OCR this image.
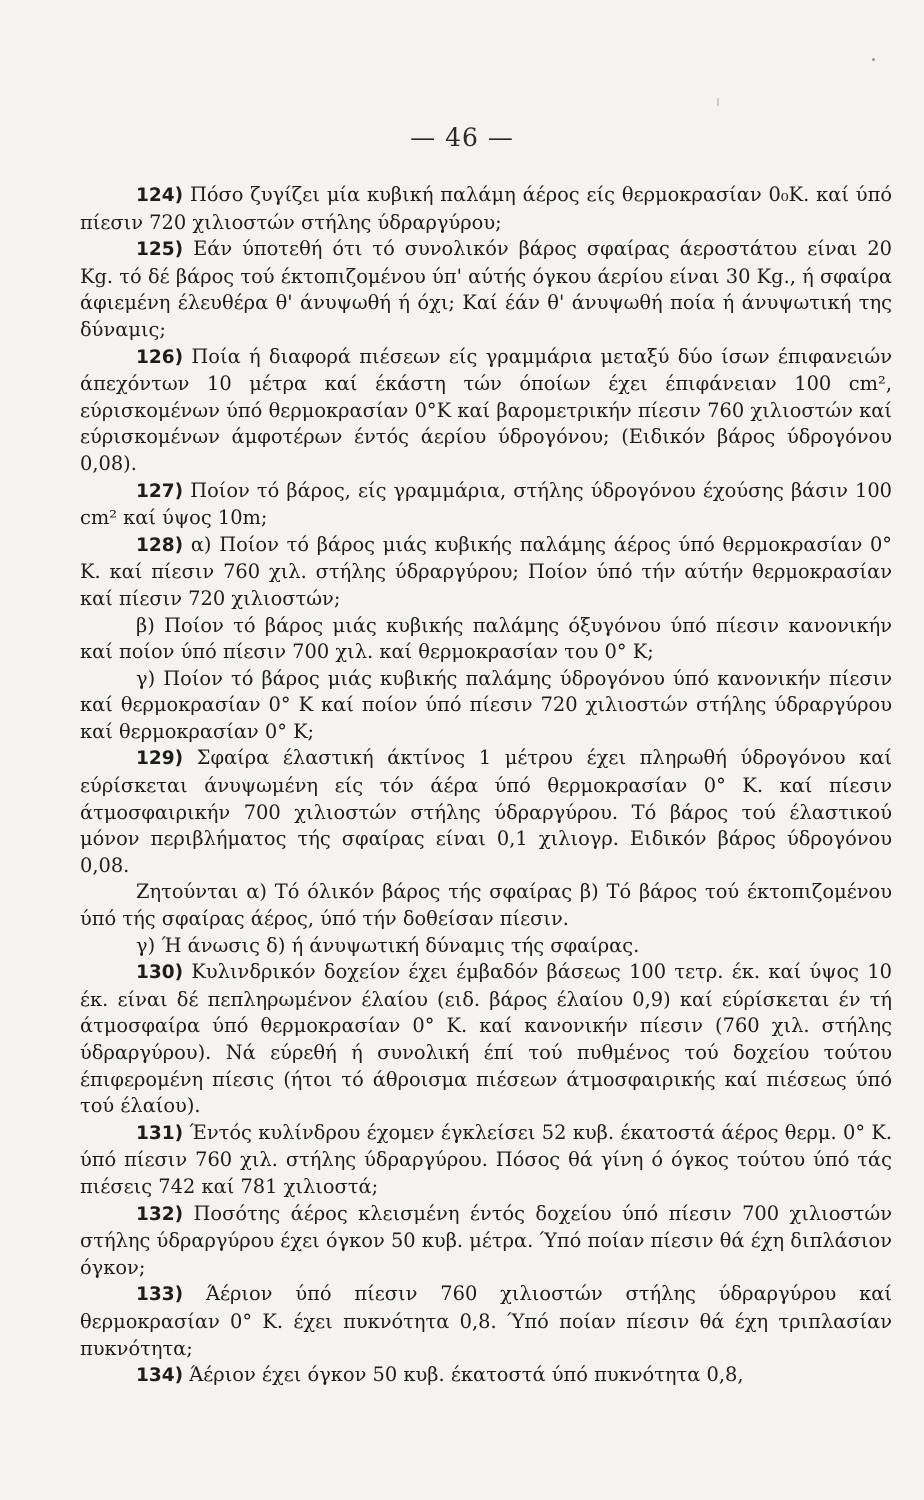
— 46 —

124) Πόσο ζυγίζει μία κυβική παλάμη άέρος είς θερμοκρασίαν 0₀K. καί ύπό πίεσιν 720 χιλιοστών στήλης ύδραργύρου;

125) Εάν ύποτεθή ότι τό συνολικόν βάρος σφαίρας άεροστάτου είναι 20 Kg. τό δέ βάρος τού έκτοπιζομένου ύπ' αύτής όγκου άερίου είναι 30 Kg., ή σφαίρα άφιεμένη έλευθέρα θ' άνυψωθή ή όχι; Καί έάν θ' άνυψωθή ποία ή άνυψωτική της δύναμις;

126) Ποία ή διαφορά πιέσεων είς γραμμάρια μεταξύ δύο ίσων έπιφανειών άπεχόντων 10 μέτρα καί έκάστη τών όποίων έχει έπιφάνειαν 100 cm², εύρισκομένων ύπό θερμοκρασίαν 0°K καί βαρομετρικήν πίεσιν 760 χιλιοστών καί εύρισκομένων άμφοτέρων έντός άερίου ύδρογόνου; (Ειδικόν βάρος ύδρογόνου 0,08).

127) Ποίον τό βάρος, είς γραμμάρια, στήλης ύδρογόνου έχούσης βάσιν 100 cm² καί ύψος 10m;

128) α) Ποίον τό βάρος μιάς κυβικής παλάμης άέρος ύπό θερμοκρασίαν 0° K. καί πίεσιν 760 χιλ. στήλης ύδραργύρου; Ποίον ύπό τήν αύτήν θερμοκρασίαν καί πίεσιν 720 χιλιοστών;

β) Ποίον τό βάρος μιάς κυβικής παλάμης όξυγόνου ύπό πίεσιν κανονικήν καί ποίον ύπό πίεσιν 700 χιλ. καί θερμοκρασίαν του 0° K;

γ) Ποίον τό βάρος μιάς κυβικής παλάμης ύδρογόνου ύπό κανονικήν πίεσιν καί θερμοκρασίαν 0° K καί ποίον ύπό πίεσιν 720 χιλιοστών στήλης ύδραργύρου καί θερμοκρασίαν 0° K;

129) Σφαίρα έλαστική άκτίνος 1 μέτρου έχει πληρωθή ύδρογόνου καί εύρίσκεται άνυψωμένη είς τόν άέρα ύπό θερμοκρασίαν 0° K. καί πίεσιν άτμοσφαιρικήν 700 χιλιοστών στήλης ύδραργύρου. Τό βάρος τού έλαστικού μόνον περιβλήματος τής σφαίρας είναι 0,1 χιλιογρ. Ειδικόν βάρος ύδρογόνου 0,08.

Ζητούνται α) Τό όλικόν βάρος τής σφαίρας β) Τό βάρος τού έκτοπιζομένου ύπό τής σφαίρας άέρος, ύπό τήν δοθείσαν πίεσιν.

γ) Ή άνωσις δ) ή άνυψωτική δύναμις τής σφαίρας.

130) Κυλινδρικόν δοχείον έχει έμβαδόν βάσεως 100 τετρ. έκ. καί ύψος 10 έκ. είναι δέ πεπληρωμένον έλαίου (ειδ. βάρος έλαίου 0,9) καί εύρίσκεται έν τή άτμοσφαίρα ύπό θερμοκρασίαν 0° K. καί κανονικήν πίεσιν (760 χιλ. στήλης ύδραργύρου). Νά εύρεθή ή συνολική έπί τού πυθμένος τού δοχείου τούτου έπιφερομένη πίεσις (ήτοι τό άθροισμα πιέσεων άτμοσφαιρικής καί πιέσεως ύπό τού έλαίου).

131) Έντός κυλίνδρου έχομεν έγκλείσει 52 κυβ. έκατοστά άέρος θερμ. 0° K. ύπό πίεσιν 760 χιλ. στήλης ύδραργύρου. Πόσος θά γίνη ό όγκος τούτου ύπό τάς πιέσεις 742 καί 781 χιλιοστά;

132) Ποσότης άέρος κλεισμένη έντός δοχείου ύπό πίεσιν 700 χιλιοστών στήλης ύδραργύρου έχει όγκον 50 κυβ. μέτρα. Ύπό ποίαν πίεσιν θά έχη διπλάσιον όγκον;

133) Άέριον ύπό πίεσιν 760 χιλιοστών στήλης ύδραργύρου καί θερμοκρασίαν 0° K. έχει πυκνότητα 0,8. Ύπό ποίαν πίεσιν θά έχη τριπλασίαν πυκνότητα;

134) Άέριον έχει όγκον 50 κυβ. έκατοστά ύπό πυκνότητα 0,8,
